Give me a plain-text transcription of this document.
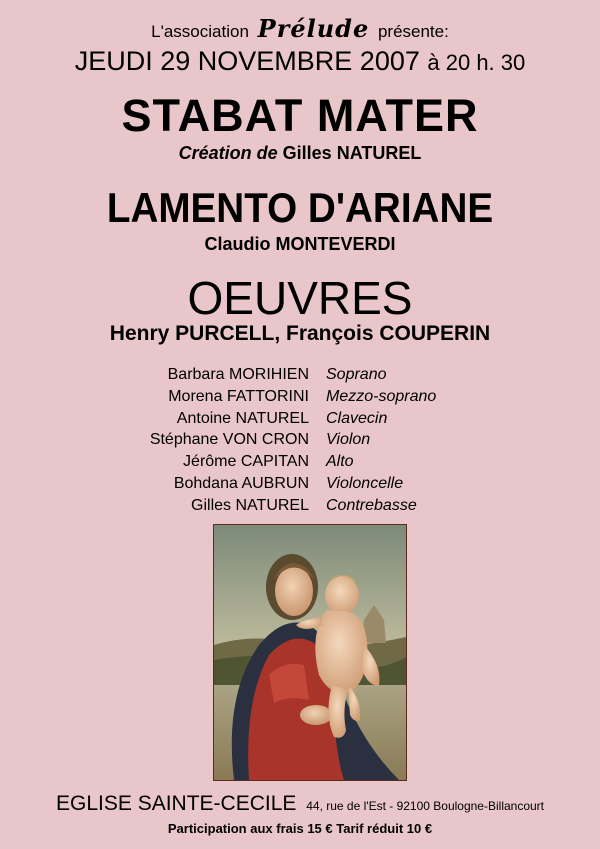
L'association Prélude présente:
JEUDI 29 NOVEMBRE 2007 à 20 h. 30
STABAT MATER
Création de Gilles NATUREL
LAMENTO D'ARIANE
Claudio MONTEVERDI
OEUVRES
Henry PURCELL, François COUPERIN
Barbara MORIHIEN Soprano
Morena FATTORINI Mezzo-soprano
Antoine NATUREL Clavecin
Stéphane VON CRON Violon
Jérôme CAPITAN Alto
Bohdana AUBRUN Violoncelle
Gilles NATUREL Contrebasse
EGLISE SAINTE-CECILE 44, rue de l'Est - 92100 Boulogne-Billancourt
Participation aux frais 15 € Tarif réduit 10 €
